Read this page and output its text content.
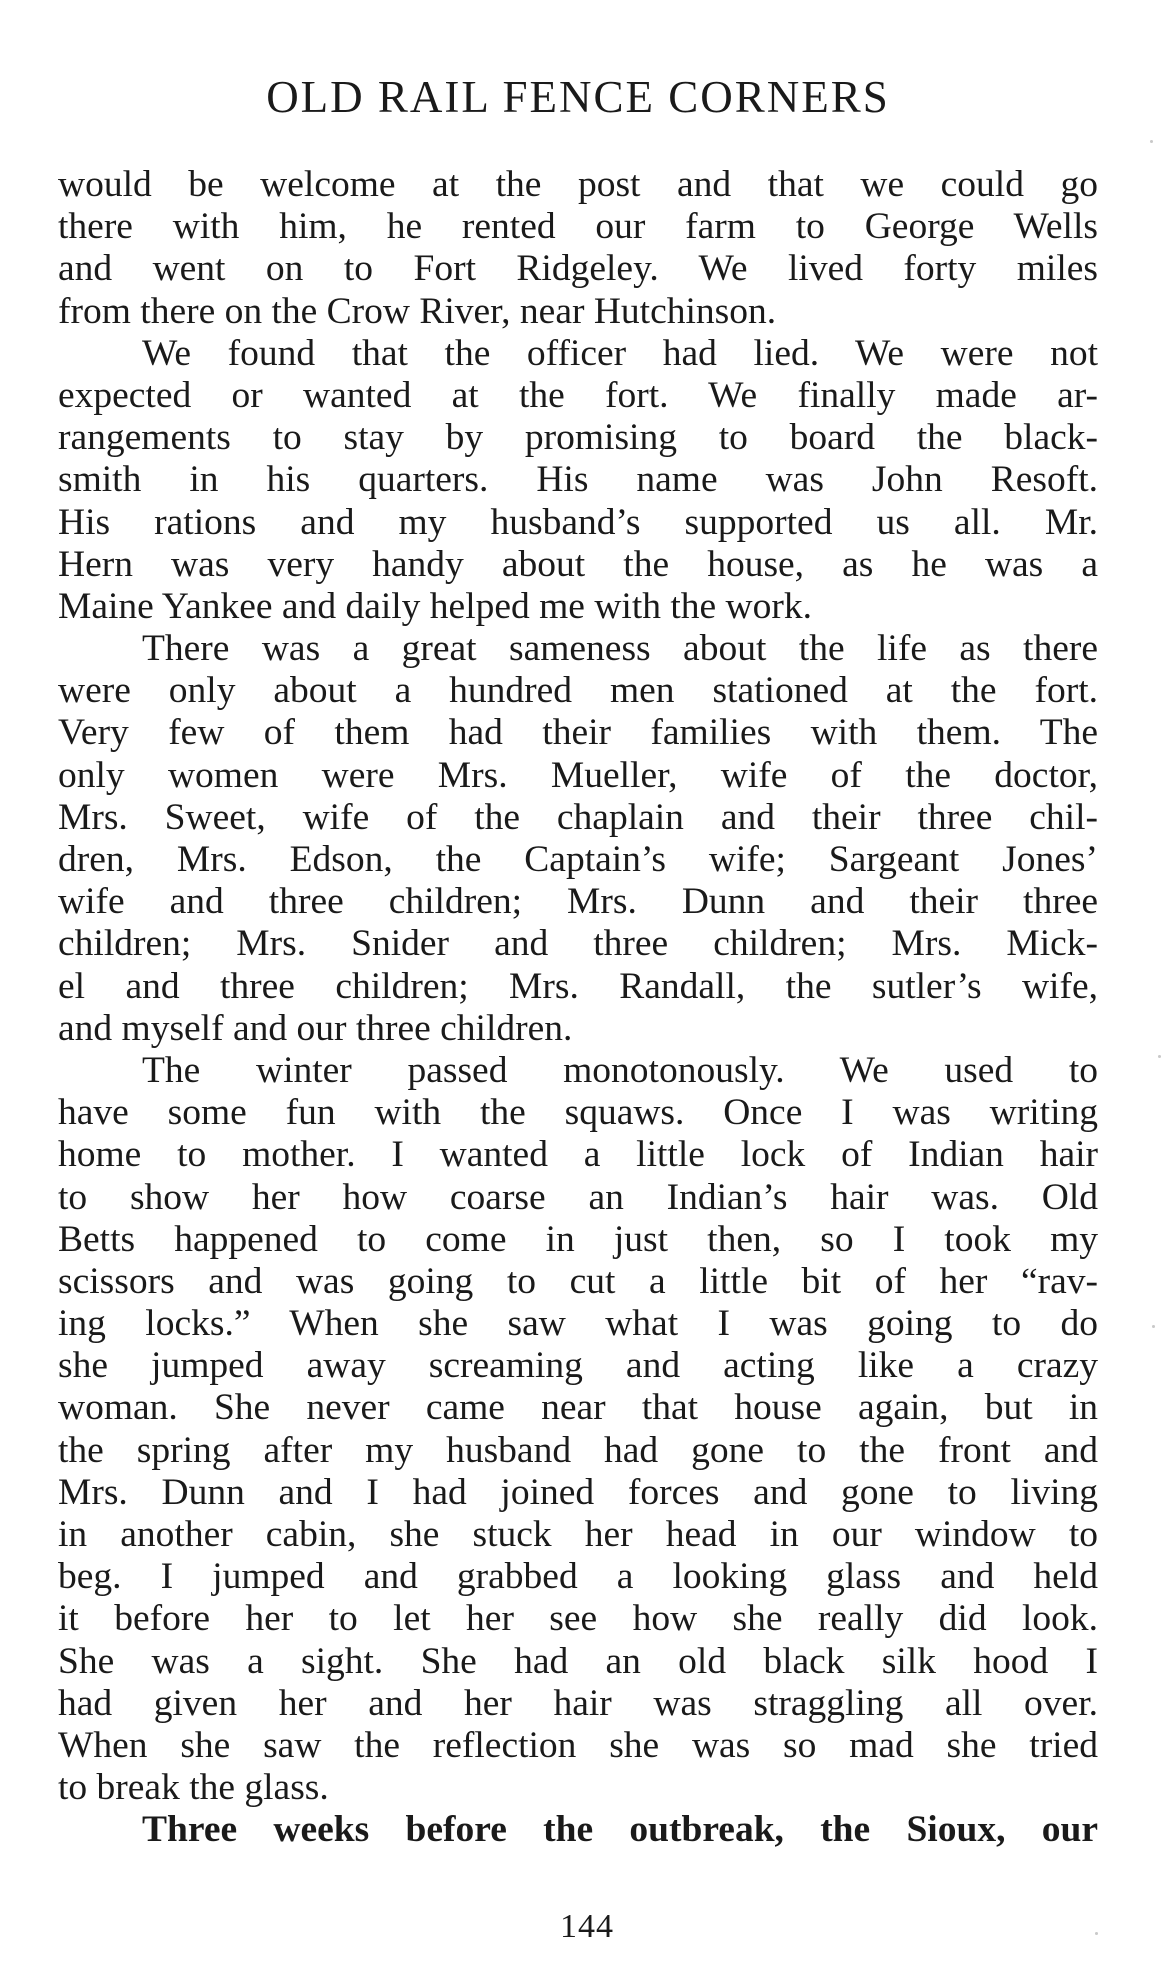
OLD RAIL FENCE CORNERS

would be welcome at the post and that we could go
there with him, he rented our farm to George Wells
and went on to Fort Ridgeley. We lived forty miles
from there on the Crow River, near Hutchinson.

We found that the officer had lied. We were not
expected or wanted at the fort. We finally made ar-
rangements to stay by promising to board the black-
smith in his quarters. His name was John Resoft.
His rations and my husband’s supported us all. Mr.
Hern was very handy about the house, as he was a
Maine Yankee and daily helped me with the work.

There was a great sameness about the life as there
were only about a hundred men stationed at the fort.
Very few of them had their families with them. The
only women were Mrs. Mueller, wife of the doctor,
Mrs. Sweet, wife of the chaplain and their three chil-
dren, Mrs. Edson, the Captain’s wife; Sargeant Jones’
wife and three children; Mrs. Dunn and their three
children; Mrs. Snider and three children; Mrs. Mick-
el and three children; Mrs. Randall, the sutler’s wife,
and myself and our three children.

The winter passed monotonously. We used to
have some fun with the squaws. Once I was writing
home to mother. I wanted a little lock of Indian hair
to show her how coarse an Indian’s hair was. Old
Betts happened to come in just then, so I took my
scissors and was going to cut a little bit of her “rav-
ing locks.” When she saw what I was going to do
she jumped away screaming and acting like a crazy
woman. She never came near that house again, but in
the spring after my husband had gone to the front and
Mrs. Dunn and I had joined forces and gone to living
in another cabin, she stuck her head in our window to
beg. I jumped and grabbed a looking glass and held
it before her to let her see how she really did look.
She was a sight. She had an old black silk hood I
had given her and her hair was straggling all over.
When she saw the reflection she was so mad she tried
to break the glass.

Three weeks before the outbreak, the Sioux, our

144
